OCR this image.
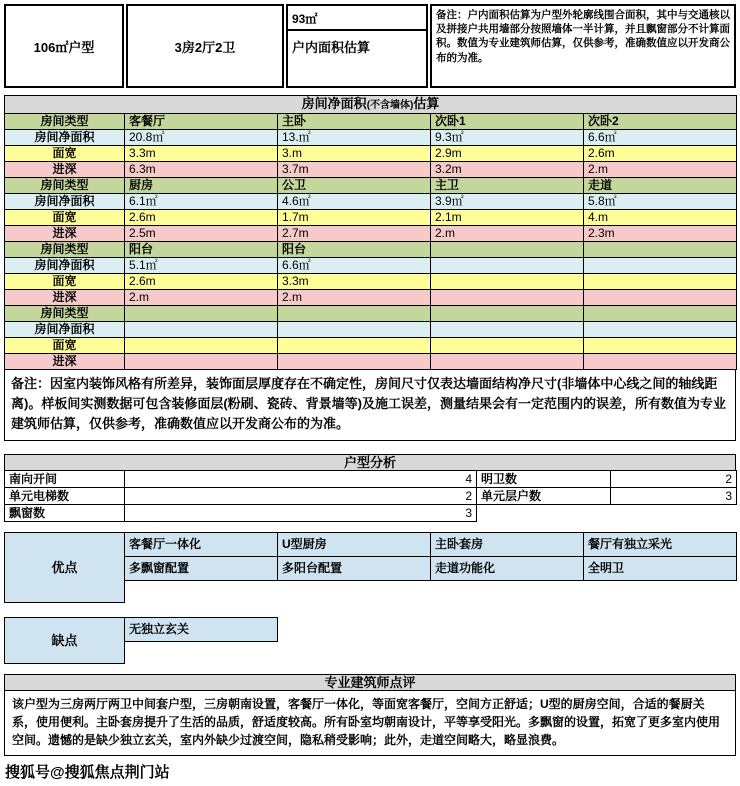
106㎡户型	3房2厅2卫
93㎡
户内面积估算
备注：户内面积估算为户型外轮廓线围合面积，其中与交通核以及拼接户共用墙部分按照墙体一半计算，并且飘窗部分不计算面积。数值为专业建筑师估算，仅供参考，准确数值应以开发商公布的为准。
房间净面积(不含墙体)估算				
房间类型	客餐厅	主卧	次卧1	次卧2
房间净面积	20.8㎡	13.㎡	9.3㎡	6.6㎡
面宽	3.3m	3.m	2.9m	2.6m
进深	6.3m	3.7m	3.2m	2.m
房间类型	厨房	公卫	主卫	走道
房间净面积	6.1㎡	4.6㎡	3.9㎡	5.8㎡
面宽	2.6m	1.7m	2.1m	4.m
进深	2.5m	2.7m	2.m	2.3m
房间类型	阳台	阳台		
房间净面积	5.1㎡	6.6㎡		
面宽	2.6m	3.3m		
进深	2.m	2.m		
房间类型				
房间净面积				
面宽				
进深				
备注：因室内装饰风格有所差异，装饰面层厚度存在不确定性，房间尺寸仅表达墙面结构净尺寸(非墙体中心线之间的轴线距离)。样板间实测数据可包含装修面层(粉刷、瓷砖、背景墙等)及施工误差，测量结果会有一定范围内的误差，所有数值为专业建筑师估算，仅供参考，准确数值应以开发商公布的为准。
户型分析
南向开间	4	明卫数	2
单元电梯数	2	单元层户数	3
飘窗数	3		
优点	客餐厅一体化	U型厨房	主卧套房	餐厅有独立采光
	多飘窗配置	多阳台配置	走道功能化	全明卫

缺点	无独立玄关			

专业建筑师点评
该户型为三房两厅两卫中间套户型，三房朝南设置，客餐厅一体化，等面宽客餐厅，空间方正舒适；U型的厨房空间，合适的餐厨关系，使用便利。主卧套房提升了生活的品质，舒适度较高。所有卧室均朝南设计，平等享受阳光。多飘窗的设置，拓宽了更多室内使用空间。遗憾的是缺少独立玄关，室内外缺少过渡空间，隐私稍受影响；此外，走道空间略大，略显浪费。
搜狐号@搜狐焦点荆门站
